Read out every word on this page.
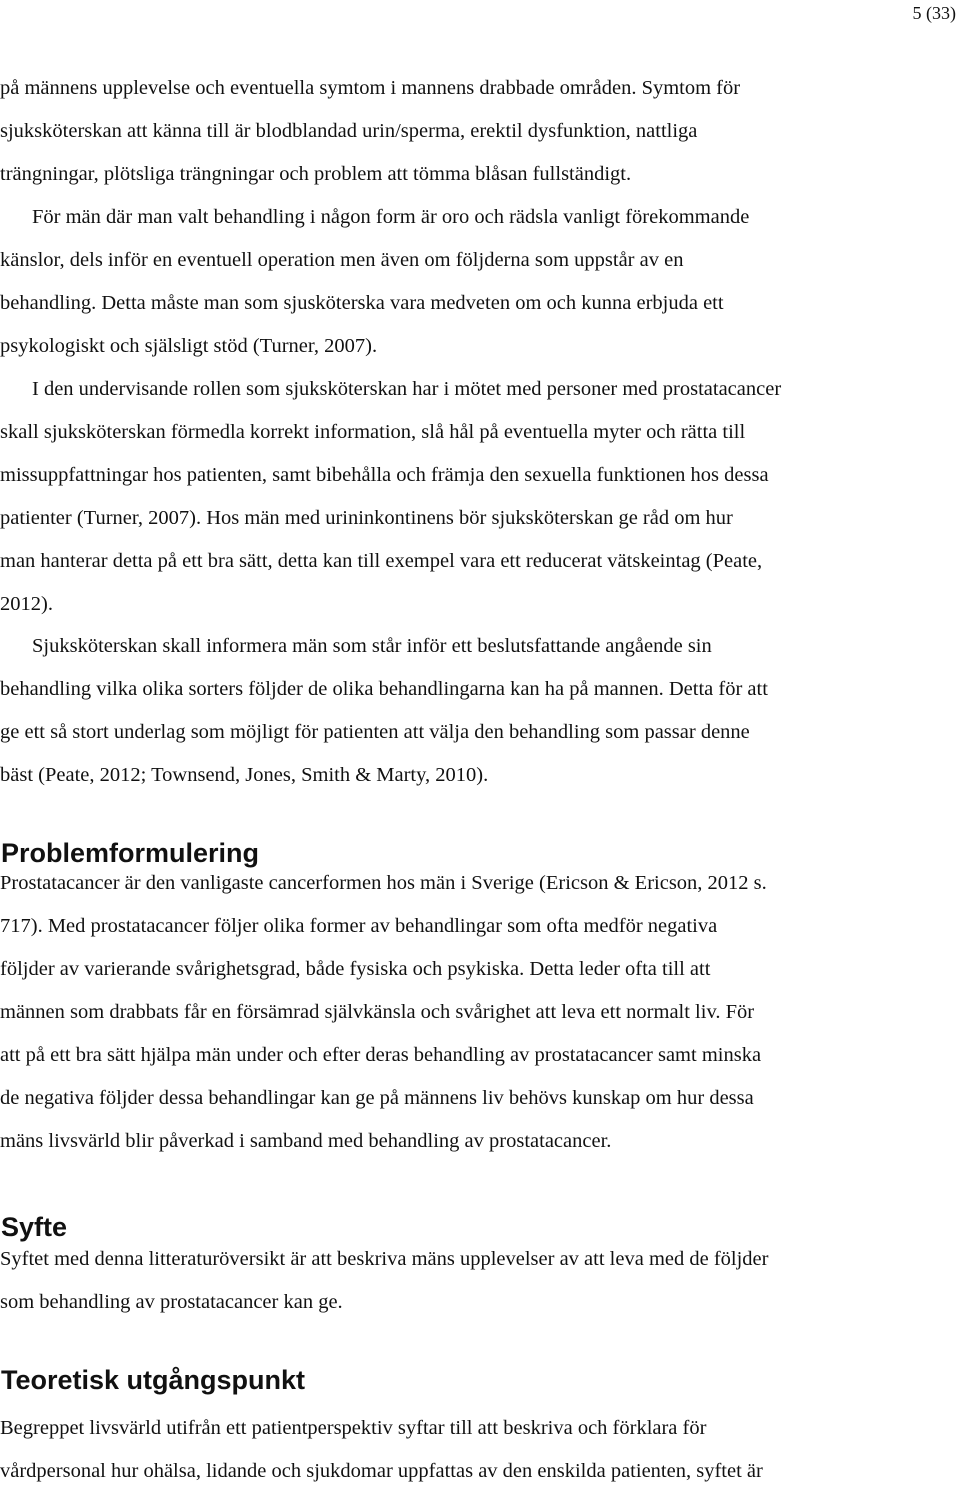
5 (33)

på männens upplevelse och eventuella symtom i mannens drabbade områden. Symtom för
sjuksköterskan att känna till är blodblandad urin/sperma, erektil dysfunktion, nattliga
trängningar, plötsliga trängningar och problem att tömma blåsan fullständigt.

För män där man valt behandling i någon form är oro och rädsla vanligt förekommande
känslor, dels inför en eventuell operation men även om följderna som uppstår av en
behandling. Detta måste man som sjusköterska vara medveten om och kunna erbjuda ett
psykologiskt och själsligt stöd (Turner, 2007).

I den undervisande rollen som sjuksköterskan har i mötet med personer med prostatacancer
skall sjuksköterskan förmedla korrekt information, slå hål på eventuella myter och rätta till
missuppfattningar hos patienten, samt bibehålla och främja den sexuella funktionen hos dessa
patienter (Turner, 2007). Hos män med urininkontinens bör sjuksköterskan ge råd om hur
man hanterar detta på ett bra sätt, detta kan till exempel vara ett reducerat vätskeintag (Peate,
2012).

Sjuksköterskan skall informera män som står inför ett beslutsfattande angående sin
behandling vilka olika sorters följder de olika behandlingarna kan ha på mannen. Detta för att
ge ett så stort underlag som möjligt för patienten att välja den behandling som passar denne
bäst (Peate, 2012; Townsend, Jones, Smith & Marty, 2010).

Problemformulering

Prostatacancer är den vanligaste cancerformen hos män i Sverige (Ericson & Ericson, 2012 s.
717). Med prostatacancer följer olika former av behandlingar som ofta medför negativa
följder av varierande svårighetsgrad, både fysiska och psykiska. Detta leder ofta till att
männen som drabbats får en försämrad självkänsla och svårighet att leva ett normalt liv. För
att på ett bra sätt hjälpa män under och efter deras behandling av prostatacancer samt minska
de negativa följder dessa behandlingar kan ge på männens liv behövs kunskap om hur dessa
mäns livsvärld blir påverkad i samband med behandling av prostatacancer.

Syfte

Syftet med denna litteraturöversikt är att beskriva mäns upplevelser av att leva med de följder
som behandling av prostatacancer kan ge.

Teoretisk utgångspunkt

Begreppet livsvärld utifrån ett patientperspektiv syftar till att beskriva och förklara för
vårdpersonal hur ohälsa, lidande och sjukdomar uppfattas av den enskilda patienten, syftet är
